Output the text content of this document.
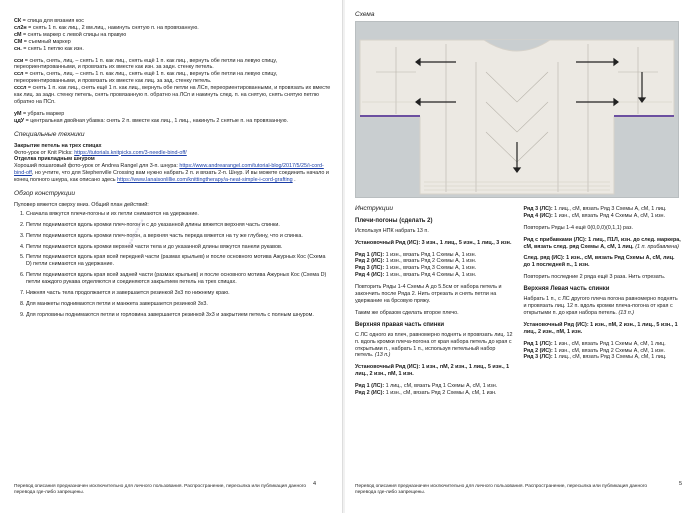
СК = спица для вязания кос
сл2н = снять 1 п. как лиц., 2 вм.лиц., накинуть снятую п. на провязанную.
сМ = снять маркер с левой спицы на правую
СМ = съемный маркер
сн. = снять 1 петлю как изн.
сси = снять, снять, лиц. – снять 1 п. как лиц., снять ещё 1 п. как лиц., вернуть обе петли на левую спицу, переориентированными, и провязать их вместе как изн. за задн. стенку петель.
ссл = снять, снять, лиц. – снять 1 п. как лиц., снять ещё 1 п. как лиц., вернуть обе петли на левую спицу, переориентированными, и провязать их вместе как лиц. за зад. стенку петель.
сссл = снять 1 п. как лиц., снять ещё 1 п. как лиц., вернуть обе петли на ЛСп, переориентированными, и провязать их вместе как лиц. за задн. стенку петель, снять провязанную п. обратно на ЛСп и накинуть след. п. на снятую, снять снятую петлю обратно на ПСп.
уМ = убрать маркер
цдУ = центральная двойная убавка: снять 2 п. вместе как лиц., 1 лиц., накинуть 2 снятые п. на провязанную.
Специальные техники
Закрытие петель на трех спицах
Фото-урок от Knit Picks: https://tutorials.knitpicks.com/3-needle-bind-off/
Отделка прикладным шнуром
Хороший пошаговый фото-урок от Andrea Rangel для 3-п. шнура: https://www.andrearangel.com/tutorial-blog/2017/5/25/i-cord-bind-off, но учтите, что для Stephenville Crossing вам нужно набрать 2 п. и вязать 2-п. Шнур. И вы можете соединить начало и конец полного шнура, как описано здесь https://www.lanaisonlillie.com/knittingtherapy/a-neat-simple-i-cord-grafting .
Обзор конструкции
Пуловер вяжется сверху вниз. Общий план действий:
1. Сначала вяжутся плечи-погоны и их петли снимаются на удержание.
2. Петли поднимаются вдоль кромки плеч-погон и с до указанной длины вяжется верхняя часть спинки.
3. Петли поднимаются вдоль кромки плеч-погон, а верхняя часть переда вяжется на ту же глубину, что и спинка.
4. Петли поднимаются вдоль кромки верхней части тела и до указанной длины вяжутся панели рукавов.
5. Петли поднимаются вдоль края всей передней части (размах крыльев) и после основного мотива Ажурных Кос (Схема D) петли снимаются на удержание.
6. Петли поднимаются вдоль края всей задней части (размах крыльев) и после основного мотива Ажурных Кос (Схема D) петли каждого рукава отделяются и соединяются закрытием петель на трех спицах.
7. Нижняя часть тела продолжается и завершается резинкой 3х3 по нижнему краю.
8. Для манжеты поднимаются петли и манжета завершается резинкой 3х3.
9. Для горловины поднимаются петли и горловина завершается резинкой 3х3 и закрытием петель с полным шнуром.
Перевод описания предназначен исключительно для личного пользования. Распространение, пересылка или публикация данного перевода где-либо запрещены.
4
••••••••••
Схема
Инструкции
Плечи-погоны (сделать 2)
Используя НПК набрать 13 п.
Установочный Ряд (ИС): 3 изн., 1 лиц., 5 изн., 1 лиц., 3 изн.
Ряд 1 (ЛС): 1 изн., вязать Ряд 1 Схемы А, 1 изн.
Ряд 2 (ИС): 1 изн., вязать Ряд 2 Схемы А, 1 изн.
Ряд 3 (ЛС): 1 изн., вязать Ряд 3 Схемы А, 1 изн.
Ряд 4 (ИС): 1 изн., вязать Ряд 4 Схемы А, 1 изн.
Повторить Ряды 1-4 Схемы А до 5.5см от набора петель и закончить после Ряда 2. Нить отрезать и снять петли на удержание на брсовую пряжу.
Таким же образом сделать второе плечо.
Верхняя правая часть спинки
С ЛС одного из плеч, равномерно поднять и провязать лиц. 12 п. вдоль кромки плеча-погона от края набора петель до края с открытыми п., набрать 1 п., используя петельный набор петель. (13 п.)
Установочный Ряд (ИС): 1 изн., пМ, 2 изн., 1 лиц., 5 изн., 1 лиц., 2 изн., пМ, 1 изн.
Ряд 1 (ЛС): 1 лиц., сМ, вязать Ряд 1 Схемы А, сМ, 1 изн.
Ряд 2 (ИС): 1 изн., сМ, вязать Ряд 2 Схемы А, сМ, 1 изн.
Ряд 3 (ЛС): 1 лиц., сМ, вязать Ряд 3 Схемы А, сМ, 1 лиц.
Ряд 4 (ИС): 1 изн., сМ, вязать Ряд 4 Схемы А, сМ, 1 изн.
Повторить Ряды 1-4 ещё 0(0,0,0)(0,1,1) раз.
Ряд с прибавками (ЛС): 1 лиц., П1Л, изн. до след. маркера, сМ, вязать след. ряд Схемы А, сМ, 1 лиц. (1 п. прибавлена)
След. ряд (ИС): 1 изн., сМ, вязать Ряд Схемы А, сМ, лиц. до 1 последней п., 1 изн.
Повторить последние 2 ряда ещё 3 раза. Нить отрезать.
Верхняя Левая часть спинки
Набрать 1 п., с ЛС другого плеча погона равномерно поднять и провязать лиц. 12 п. вдоль кромки плеча-погона от края с открытыми п. до края набора петель. (13 п.)
Установочный Ряд (ИС): 1 изн., пМ, 2 изн., 1 лиц., 5 изн., 1 лиц., 2 изн., пМ, 1 изн.
Ряд 1 (ЛС): 1 изн., сМ, вязать Ряд 1 Схемы А, сМ, 1 лиц.
Ряд 2 (ИС): 1 изн., сМ, вязать Ряд 2 Схемы А, сМ, 1 изн.
Ряд 3 (ЛС): 1 лиц., сМ, вязать Ряд 3 Схемы А, сМ, 1 лиц.
Перевод описания предназначен исключительно для личного пользования. Распространение, пересылка или публикация данного перевода где-либо запрещены.
5
